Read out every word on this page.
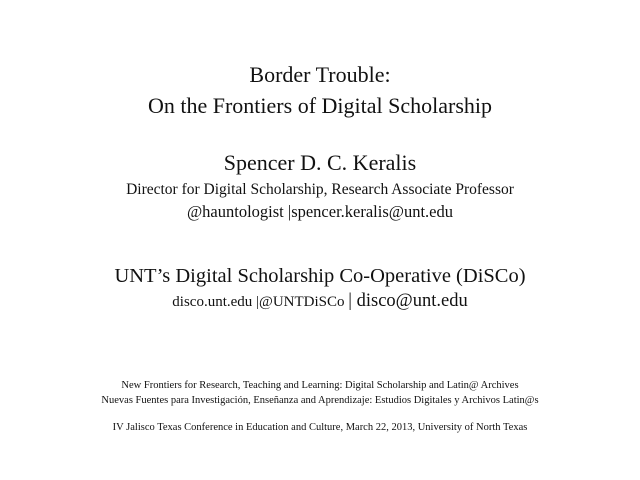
Border Trouble:

On the Frontiers of Digital Scholarship

Spencer D. C. Keralis

Director for Digital Scholarship, Research Associate Professor

@hauntologist |spencer.keralis@unt.edu

UNT’s Digital Scholarship Co-Operative (DiSCo)

disco.unt.edu |@UNTDiSCo | disco@unt.edu

New Frontiers for Research, Teaching and Learning: Digital Scholarship and Latin@ Archives

Nuevas Fuentes para Investigación, Enseñanza and Aprendizaje: Estudios Digitales y Archivos Latin@s

IV Jalisco Texas Conference in Education and Culture, March 22, 2013, University of North Texas
